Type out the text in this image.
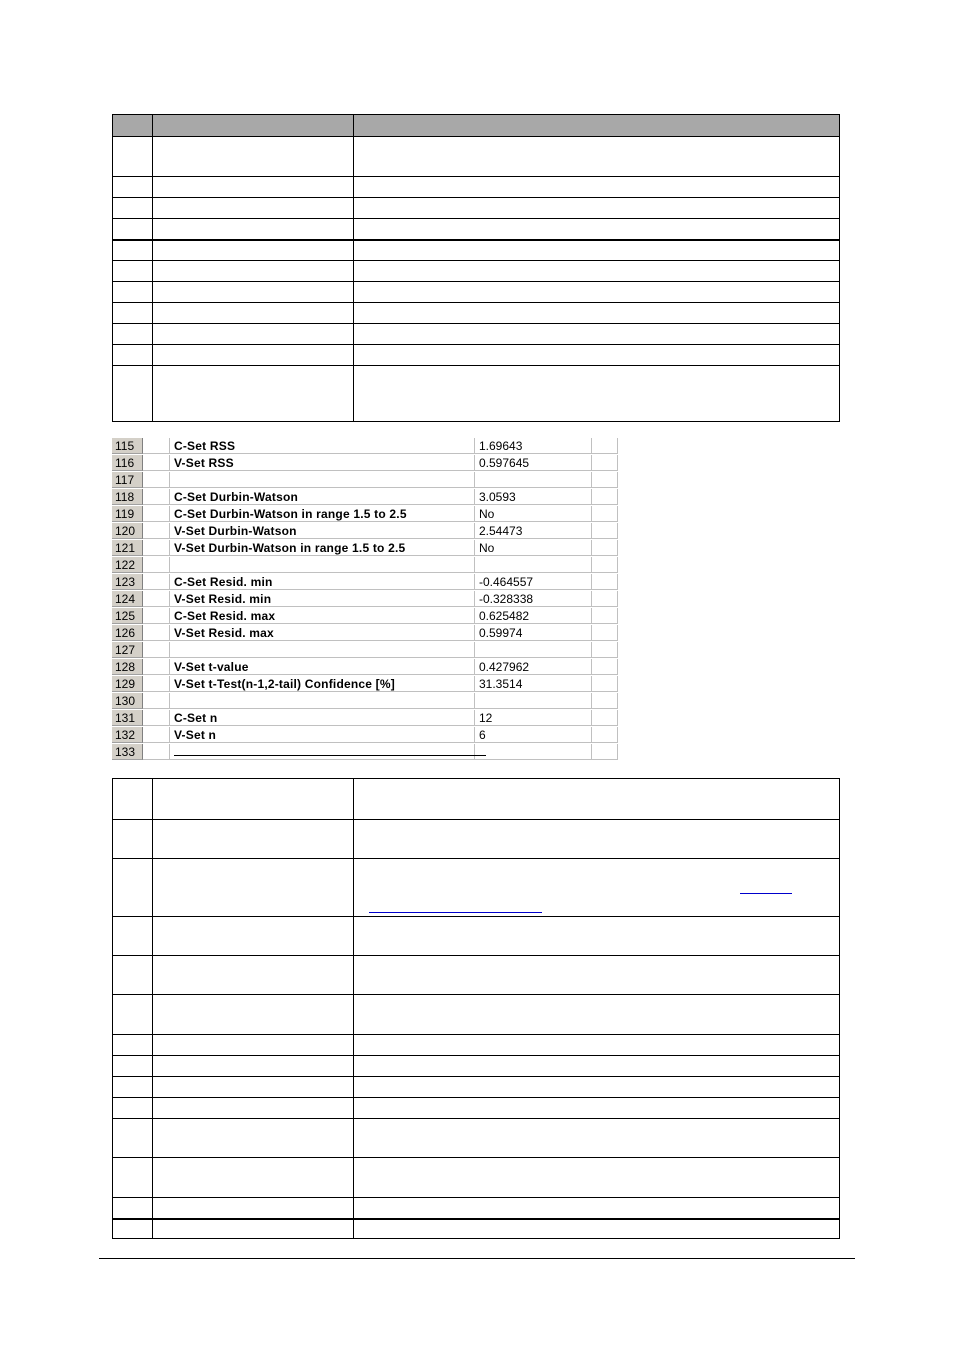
115	C-Set RSS	1.69643
116	V-Set RSS	0.597645
117
118	C-Set Durbin-Watson	3.0593
119	C-Set Durbin-Watson in range 1.5 to 2.5	No
120	V-Set Durbin-Watson	2.54473
121	V-Set Durbin-Watson in range 1.5 to 2.5	No
122
123	C-Set Resid. min	-0.464557
124	V-Set Resid. min	-0.328338
125	C-Set Resid. max	0.625482
126	V-Set Resid. max	0.59974
127
128	V-Set t-value	0.427962
129	V-Set t-Test(n-1,2-tail) Confidence [%]	31.3514
130
131	C-Set n	12
132	V-Set n	6
133
